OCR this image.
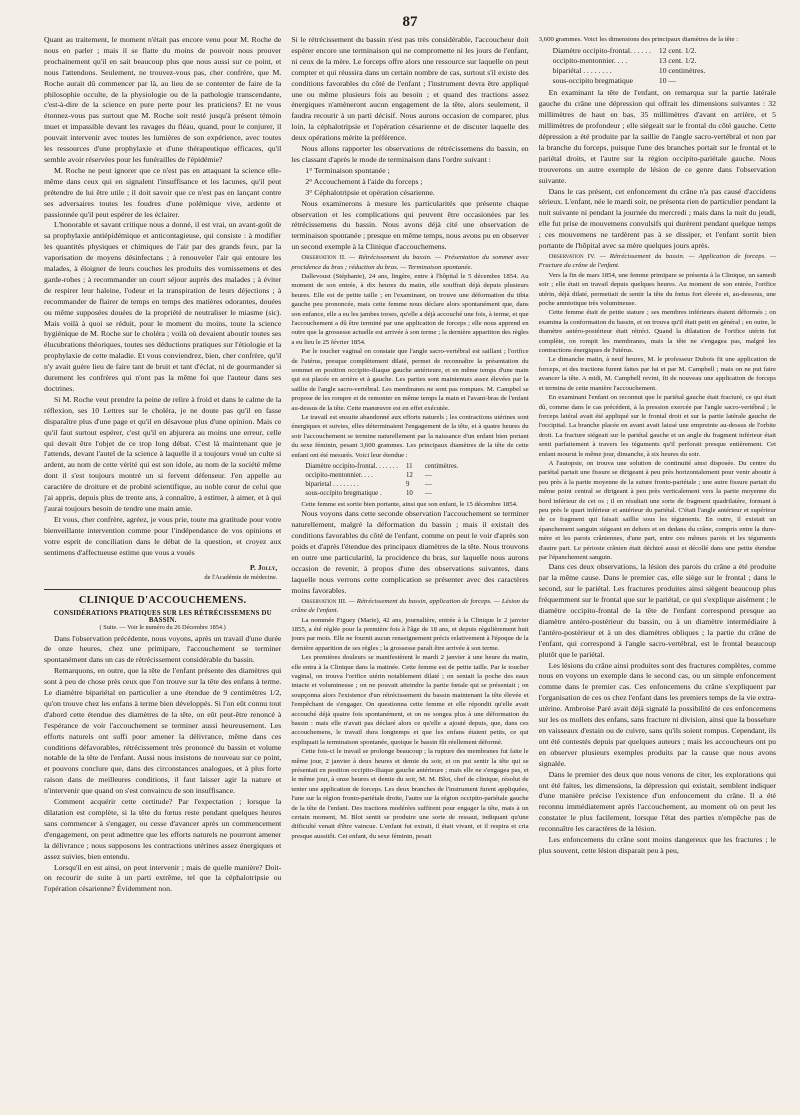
87

Quant au traitement, le moment n'était pas encore venu pour M. Roche de nous en parler ; mais il se flatte du moins de pouvoir nous prouver prochainement qu'il en sait beaucoup plus que nous aussi sur ce point, et nous l'attendons. Seulement, ne trouvez-vous pas, cher confrère, que M. Roche aurait dû commencer par là, au lieu de se contenter de faire de la philosophie occulte, de la physiologie ou de la pathologie transcendante, c'est-à-dire de la science en pure perte pour les praticiens? Et ne vous étonnez-vous pas surtout que M. Roche soit resté jusqu'à présent témoin muet et impassible devant les ravages du fléau, quand, pour le conjurer, il pouvait intervenir avec toutes les lumières de son expérience, avec toutes les ressources d'une prophylaxie et d'une thérapeutique efficaces, qu'il semble avoir réservées pour les funérailles de l'épidémie?

M. Roche ne peut ignorer que ce n'est pas en attaquant la science elle-même dans ceux qui en signalent l'insuffisance et les lacunes, qu'il peut prétendre de lui être utile ; il doit savoir que ce n'est pas en lançant contre ses adversaires toutes les foudres d'une polémique vive, ardente et passionnée qu'il peut espérer de les éclairer.

L'honorable et savant critique nous a donné, il est vrai, un avant-goût de sa prophylaxie antiépidémique et anticontagieuse, qui consiste : à modifier les quantités physiques et chimiques de l'air par des grands feux, par la vaporisation de moyens désinfectans ; à renouveler l'air qui entoure les malades, à éloigner de leurs couches les produits des vomissemens et des garde-robes ; à recommander un court séjour auprès des malades ; à éviter de respirer leur haleine, l'odeur et la transpiration de leurs déjections ; à recommander de flairer de temps en temps des matières odorantes, douées ou même supposées douées de la propriété de neutraliser le miasme (sic). Mais voilà à quoi se réduit, pour le moment du moins, toute la science hygiénique de M. Roche sur le choléra ; voilà où devaient aboutir toutes ses élucubrations théoriques, toutes ses déductions pratiques sur l'étiologie et la prophylaxie de cette maladie. Et vous conviendrez, bien, cher confrère, qu'il n'y avait guère lieu de faire tant de bruit et tant d'éclat, ni de gourmander si durement les confrères qui n'ont pas la même foi que l'auteur dans ses doctrines.

Si M. Roche veut prendre la peine de relire à froid et dans le calme de la réflexion, ses 10 Lettres sur le choléra, je ne doute pas qu'il en fasse disparaître plus d'une page et qu'il en désavoue plus d'une opinion. Mais ce qu'il faut surtout espérer, c'est qu'il en abjurera au moins une erreur, celle qui devait être l'objet de ce trop long débat. C'est là maintenant que je l'attends, devant l'autel de la science à laquelle il a toujours voué un culte si ardent, au nom de cette vérité qui est son idole, au nom de la société même dont il s'est toujours montré un si fervent défenseur. J'en appelle au caractère de droiture et de probité scientifique, au noble cœur de celui que j'ai appris, depuis plus de trente ans, à connaître, à estimer, à aimer, et à qui j'aurai toujours besoin de tendre une main amie.

Et vous, cher confrère, agréez, je vous prie, toute ma gratitude pour votre bienveillante intervention comme pour l'indépendance de vos opinions et votre esprit de conciliation dans le débat de la question, et croyez aux sentimens d'affectueuse estime que vous a voués

P. Jolly,
de l'Académie de médecine.
CLINIQUE D'ACCOUCHEMENS.
CONSIDÉRATIONS PRATIQUES SUR LES RÉTRÉCISSEMENS DU BASSIN.
( Suite. — Voir le numéro du 26 Décembre 1854.)

Dans l'observation précédente, nous voyons, après un travail d'une durée de onze heures, chez une primipare, l'accouchement se terminer spontanément dans un cas de rétrécissement considérable du bassin.

Remarquons, en outre, que la tête de l'enfant présente des diamètres qui sont à peu de chose près ceux que l'on trouve sur la tête des enfans à terme. Le diamètre bipariétal en particulier a une étendue de 9 centimètres 1/2, qu'on trouve chez les enfans à terme bien développés. Si l'on eût connu tout d'abord cette étendue des diamètres de la tête, on eût peut-être renoncé à l'espérance de voir l'accouchement se terminer aussi heureusement. Les efforts naturels ont suffi pour amener la délivrance, même dans ces conditions défavorables, rétrécissement très prononcé du bassin et volume notable de la tête de l'enfant. Aussi nous insistons de nouveau sur ce point, et pouvons conclure que, dans des circonstances analogues, et à plus forte raison dans de meilleures conditions, il faut laisser agir la nature et n'intervenir que quand on s'est convaincu de son insuffisance.

Comment acquérir cette certitude? Par l'expectation ; lorsque la dilatation est complète, si la tête du fœtus reste pendant quelques heures sans commencer à s'engager, ou cesse d'avancer après un commencement d'engagement, on peut admettre que les efforts naturels ne pourront amener la délivrance ; nous supposons les contractions utérines assez énergiques et assez suivies, bien entendu.

Lorsqu'il en est ainsi, on peut intervenir ; mais de quelle manière? Doit-on recourir de suite à un parti extrême, tel que la céphalotripsie ou l'opération césarienne? Évidemment non.

Si le rétrécissement du bassin n'est pas très considérable, l'accoucheur doit espérer encore une terminaison qui ne compromette ni les jours de l'enfant, ni ceux de la mère. Le forceps offre alors une ressource sur laquelle on peut compter et qui réussira dans un certain nombre de cas, surtout s'il existe des conditions favorables du côté de l'enfant ; l'instrument devra être appliqué une ou même plusieurs fois au besoin ; et quand des tractions assez énergiques n'amèneront aucun engagement de la tête, alors seulement, il faudra recourir à un parti décisif. Nous aurons occasion de comparer, plus loin, la céphalotripsie et l'opération césarienne et de discuter laquelle des deux opérations mérite la préférence.

Nous allons rapporter les observations de rétrécissemens du bassin, en les classant d'après le mode de terminaison dans l'ordre suivant :

1° Terminaison spontanée ;

2° Accouchement à l'aide du forceps ;

3° Céphalotripsie et opération césarienne.

Nous examinerons à mesure les particularités que présente chaque observation et les complications qui peuvent être occasionées par les rétrécissemens du bassin. Nous avons déjà cité une observation de terminaison spontanée ; presque en même temps, nous avons pu en observer un second exemple à la Clinique d'accouchemens.

Observation II. — Rétrécissement du bassin. — Présentation du sommet avec procidence du bras ; réduction du bras. — Terminaison spontanée.

Dallevoust (Stéphanie), 24 ans, lingère, entre à l'hôpital le 5 décembre 1854. Au moment de son entrée, à dix heures du matin, elle souffrait déjà depuis plusieurs heures. Elle est de petite taille ; en l'examinant, on trouve une déformation du tibia gauche peu prononcée, mais cette femme nous déclare alors spontanément que, dans son enfance, elle a eu les jambes torses, qu'elle a déjà accouché une fois, à terme, et que l'accouchement a dû être terminé par une application de forceps ; elle nous apprend en outre que la grossesse actuelle est arrivée à son terme ; la dernière apparition des règles a eu lieu le 25 février 1854.

Par le toucher vaginal on constate que l'angle sacro-vertébral est saillant ; l'orifice de l'utérus, presque complètement dilaté, permet de reconnaître la présentation du sommet en position occipito-iliaque gauche antérieure, et en même temps d'une main qui est placée en arrière et à gauche. Les parties sont maintenues assez élevées par la saillie de l'angle sacro-vertébral. Les membranes ne sont pas rompues. M. Campbel se propose de les rompre et de remonter en même temps la main et l'avant-bras de l'enfant au-dessus de la tête. Cette manœuvre est en effet exécutée.

Le travail est ensuite abandonné aux efforts naturels ; les contractions utérines sont énergiques et suivies, elles déterminaient l'engagement de la tête, et à quatre heures du soir l'accouchement se termine naturellement par la naissance d'un enfant bien portant du sexe féminin, pesant 3,600 grammes. Les principaux diamètres de la tête de cette enfant ont été mesurés. Voici leur étendue :

Diamètre occipito-frontal. . . . . . .	11	centimètres.
occipito-mentonnier. . . .	12	—
biparietal . . . . . . . .	9	—
sous-occipito bregmatique .	10	—

Cette femme est sortie bien portante, ainsi que son enfant, le 15 décembre 1854.

Nous voyons dans cette seconde observation l'accouchement se terminer naturellement, malgré la déformation du bassin ; mais il existait des conditions favorables du côté de l'enfant, comme on peut le voir d'après son poids et d'après l'étendue des principaux diamètres de la tête. Nous trouvons en outre une particularité, la procidence du bras, sur laquelle nous aurons occasion de revenir, à propos d'une des observations suivantes, dans laquelle nous verrons cette complication se présenter avec des caractères moins favorables.

Observation III. — Rétrécissement du bassin, application de forceps. — Lésion du crâne de l'enfant.

La nommée Figuey (Marie), 42 ans, journalière, entrée à la Clinique le 2 janvier 1855, a été réglée pour la première fois à l'âge de 18 ans, et depuis régulièrement huit jours par mois. Elle ne fournit aucun renseignement précis relativement à l'époque de la dernière apparition de ses règles ; la grossesse paraît être arrivée à son terme.

Les premières douleurs se manifestèrent le mardi 2 janvier à une heure du matin, elle entra à la Clinique dans la matinée. Cette femme est de petite taille. Par le toucher vaginal, on trouva l'orifice utérin notablement dilaté ; on sentait la poche des eaux intacte et volumineuse ; on ne pouvait atteindre la partie fœtale qui se présentait ; on soupçonna alors l'existence d'un rétrécissement du bassin maintenant la tête élevée et l'empêchant de s'engager. On questionna cette femme et elle répondit qu'elle avait accouché déjà quatre fois spontanément, et on ne songea plus à une déformation du bassin : mais elle n'avait pas déclaré alors ce qu'elle a ajouté depuis, que, dans ces accouchemens, le travail dura longtemps et que les enfans étaient petits, ce qui expliquait la terminaison spontanée, quoique le bassin fût réellement déformé.

Cette fois-ci le travail se prolonge beaucoup ; la rupture des membranes fut faite le même jour, 2 janvier à deux heures et demie du soir, et on put sentir la tête qui se présentait en position occipito-iliaque gauche antérieure ; mais elle ne s'engagea pas, et le même jour, à onze heures et demie du soir, M. M. Blot, chef de clinique, résolut de tenter une application de forceps. Les deux branches de l'instrument furent appliquées, l'une sur la région fronto-pariétale droite, l'autre sur la région occipito-pariétale gauche de la tête de l'enfant. Des tractions modérées suffirent pour engager la tête, mais à un certain moment, M. Blot sentit se produire une sorte de ressaut, indiquant qu'une difficulté venait d'être vaincue. L'enfant fut extrait, il était vivant, et il respira et cria presque aussitôt. Cet enfant, du sexe féminin, pesait

3,600 grammes. Voici les dimensions des principaux diamètres de la tête :

Diamètre occipito-frontal. . . . . .	12 cent. 1/2.
occipito-mentonnier. . . .	13 cent. 1/2.
bipariétal . . . . . . . .	10 centimètres.
sous-occipito bregmatique	10 —

En examinant la tête de l'enfant, on remarqua sur la partie latérale gauche du crâne une dépression qui offrait les dimensions suivantes : 32 millimètres de haut en bas, 35 millimètres d'avant en arrière, et 5 millimètres de profondeur ; elle siégeait sur le frontal du côté gauche. Cette dépression a été produite par la saillie de l'angle sacro-vertébral et non par la branche du forceps, puisque l'une des branches portait sur le frontal et le pariétal droits, et l'autre sur la région occipito-pariétale gauche. Nous trouverons un autre exemple de lésion de ce genre dans l'observation suivante.

Dans le cas présent, cet enfoncement du crâne n'a pas causé d'accidens sérieux. L'enfant, née le mardi soir, ne présenta rien de particulier pendant la nuit suivante ni pendant la journée du mercredi ; mais dans la nuit du jeudi, elle fut prise de mouvemens convulsifs qui durèrent pendant quelque temps ; ces mouvemens ne tardèrent pas à se dissiper, et l'enfant sortit bien portante de l'hôpital avec sa mère quelques jours après.

Observation IV. — Rétrécissement du bassin. — Application de forceps. — Fracture du crâne de l'enfant.

Vers la fin de mars 1854, une femme primipare se présenta à la Clinique, un samedi soir ; elle était en travail depuis quelques heures. Au moment de son entrée, l'orifice utérin, déjà dilaté, permettait de sentir la tête du fœtus fort élevée et, au-dessous, une poche amniotique très volumineuse.

Cette femme était de petite stature ; ses membres inférieurs étaient déformés ; on examina la conformation du bassin, et on trouva qu'il était petit en général ; en outre, le diamètre antéro-postérieur était rétréci. Quand la dilatation de l'orifice utérin fut complète, on rompit les membranes, mais la tête ne s'engagea pas, malgré les contractions énergiques de l'utérus.

Le dimanche matin, à neuf heures, M. le professeur Dubois fit une application de forceps, et des tractions furent faites par lui et par M. Campbell ; mais on ne put faire avancer la tête. A midi, M. Campbell revint, fit de nouveau une application de forceps et termina de cette manière l'accouchement.

En examinant l'enfant on reconnut que le pariétal gauche était fracturé, ce qui était dû, comme dans le cas précédent, à la pression exercée par l'angle sacro-vertébral ; le forceps latéral avait été appliqué sur le frontal droit et sur la partie latérale gauche de l'occipital. La branche placée en avant avait laissé une empreinte au-dessus de l'orbite droit. La fracture siégeait sur le pariétal gauche et un angle du fragment inférieur était senti parfaitement à travers les téguments qu'il perforait presque entièrement. Cet enfant mourut le même jour, dimanche, à six heures du soir.

A l'autopsie, on trouva une solution de continuité ainsi disposée. Du centre du pariétal partait une fissure se dirigeant à peu près horizontalement pour venir aboutir à peu près à la partie moyenne de la suture fronto-pariétale ; une autre fissure partait du même point central se dirigeant à peu près verticalement vers la partie moyenne du bord inférieur de cet os ; il en résultait une sorte de fragment quadrilatère, formant à peu près le quart inférieur et antérieur du pariétal. C'était l'angle antérieur et supérieur de ce fragment qui faisait saillie sous les téguments. En outre, il existait un épanchement sanguin siégeant en dehors et en dedans du crâne, compris entre la dure-mère et les parois crâniennes, d'une part, entre ces mêmes parois et les téguments d'autre part. Le périoste crânien était déchiré aussi et décollé dans une petite étendue par l'épanchement sanguin.

Dans ces deux observations, la lésion des parois du crâne a été produite par la même cause. Dans le premier cas, elle siège sur le frontal ; dans le second, sur le pariétal. Les fractures produites ainsi siègent beaucoup plus fréquemment sur le frontal que sur le pariétal, ce qui s'explique aisément ; le diamètre occipito-frontal de la tête de l'enfant correspond presque au diamètre antéro-postérieur du bassin, ou à un diamètre intermédiaire à l'antéro-postérieur et à un des diamètres obliques ; la partie du crâne de l'enfant, qui correspond à l'angle sacro-vertébral, est le frontal beaucoup plutôt que le pariétal.

Les lésions du crâne ainsi produites sont des fractures complètes, comme nous en voyons un exemple dans le second cas, ou un simple enfoncement comme dans le premier cas. Ces enfoncemens du crâne s'expliquent par l'organisation de ces os chez l'enfant dans les premiers temps de la vie extra-utérine. Ambroise Paré avait déjà signalé la possibilité de ces enfoncemens sur les os mollets des enfans, sans fracture ni division, ainsi que la bosselure en vaisseaux d'estain ou de cuivre, sans qu'ils soient rompus. Cependant, ils ont été contestés depuis par quelques auteurs ; mais les accoucheurs ont pu en observer plusieurs exemples produits par la cause que nous avons signalée.

Dans le premier des deux que nous venons de citer, les explorations qui ont été faites, les dimensions, la dépression qui existait, semblent indiquer d'une manière précise l'existence d'un enfoncement du crâne. Il a été reconnu immédiatement après l'accouchement, au moment où on peut les constater le plus facilement, lorsque l'état des parties n'empêche pas de reconnaître les caractères de la lésion.

Les enfoncemens du crâne sont moins dangereux que les fractures ; le plus souvent, cette lésion disparait peu à peu,
